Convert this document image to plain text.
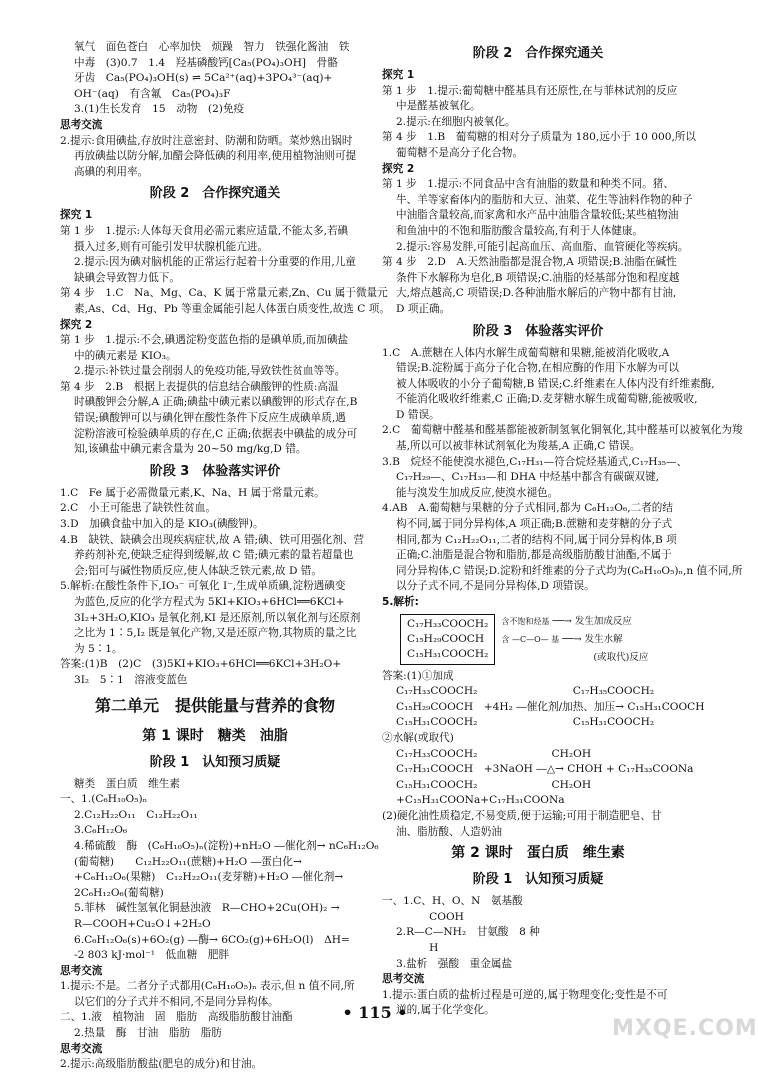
氧气　面色苍白　心率加快　烦躁　智力　铁强化酱油　铁
中毒　(3)0.7　1.4　羟基磷酸钙[Ca₅(PO₄)₃OH]　骨骼
牙齿　Ca₅(PO₄)₃OH(s) ⇌ 5Ca²⁺(aq)+3PO₄³⁻(aq)+
OH⁻(aq)　有含氟　Ca₅(PO₄)₃F
3.(1)生长发育　15　动物　(2)免疫
思考交流
2.提示:食用碘盐,存放时注意密封、防潮和防晒。菜炒熟出锅时
再放碘盐以防分解,加醋会降低碘的利用率,使用植物油则可提
高碘的利用率。
阶段 2　合作探究通关
探究 1
第 1 步　1.提示:人体每天食用必需元素应适量,不能太多,若碘
摄入过多,则有可能引发甲状腺机能亢进。
2.提示:因为碘对脑机能的正常运行起着十分重要的作用,儿童
缺碘会导致智力低下。
第 4 步　1.C　Na、Mg、Ca、K 属于常量元素,Zn、Cu 属于微量元
素,As、Cd、Hg、Pb 等重金属能引起人体蛋白质变性,故选 C 项。
探究 2
第 1 步　1.提示:不会,碘遇淀粉变蓝色指的是碘单质,而加碘盐
中的碘元素是 KIO₃。
2.提示:补铁过量会削弱人的免疫功能,导致铁性贫血等等。
第 4 步　2.B　根据上表提供的信息结合碘酸钾的性质:高温
时碘酸钾会分解,A 正确;碘盐中碘元素以碘酸钾的形式存在,B
错误;碘酸钾可以与碘化钾在酸性条件下反应生成碘单质,遇
淀粉溶液可检验碘单质的存在,C 正确;依据表中碘盐的成分可
知,该碘盐中碘元素含量为 20~50 mg/kg,D 错。
阶段 3　体验落实评价
1.C　Fe 属于必需微量元素,K、Na、H 属于常量元素。
2.C　小王可能患了缺铁性贫血。
3.D　加碘食盐中加入的是 KIO₃(碘酸钾)。
4.B　缺铁、缺碘会出现疾病症状,故 A 错;碘、铁可用强化剂、营
养药剂补充,使缺乏症得到缓解,故 C 错;碘元素的量若超量也
会;铝可与碱性物质反应,使人体缺乏铁元素,故 D 错。
5.解析:在酸性条件下,IO₃⁻ 可氧化 I⁻,生成单质碘,淀粉遇碘变
为蓝色,反应的化学方程式为 5KI+KIO₃+6HCl══6KCl+
3I₂+3H₂O,KIO₃ 是氧化剂,KI 是还原剂,所以氧化剂与还原剂
之比为 1∶5,I₂ 既是氧化产物,又是还原产物,其物质的量之比
为 5∶1。
答案:(1)B　(2)C　(3)5KI+KIO₃+6HCl══6KCl+3H₂O+
3I₂　5∶1　溶液变蓝色
第二单元　提供能量与营养的食物
第 1 课时　糖类　油脂
阶段 1　认知预习质疑
糖类　蛋白质　维生素
一、1.(C₆H₁₀O₅)ₙ
2.C₁₂H₂₂O₁₁　C₁₂H₂₂O₁₁
3.C₆H₁₂O₆
4.稀硫酸　酶　(C₆H₁₀O₅)ₙ(淀粉)+nH₂O ―催化剂→ nC₆H₁₂O₆
(葡萄糖)　　C₁₂H₂₂O₁₁(蔗糖)+H₂O ―蛋白化→
+C₆H₁₂O₆(果糖)　C₁₂H₂₂O₁₁(麦芽糖)+H₂O ―催化剂→
2C₆H₁₂O₆(葡萄糖)
5.菲林　碱性氢氧化铜悬浊液　R—CHO+2Cu(OH)₂ →
R—COOH+Cu₂O↓+2H₂O
6.C₆H₁₂O₆(s)+6O₂(g) ―酶→ 6CO₂(g)+6H₂O(l)　ΔH=
-2 803 kJ·mol⁻¹　低血糖　肥胖
思考交流
1.提示:不是。二者分子式都用(C₆H₁₀O₅)ₙ 表示,但 n 值不同,所
以它们的分子式并不相同,不是同分异构体。
二、1.液　植物油　固　脂肪　高级脂肪酸甘油酯
2.热量　酶　甘油　脂肪　脂肪
思考交流
2.提示:高级脂肪酸盐(肥皂的成分)和甘油。
阶段 2　合作探究通关
探究 1
第 1 步　1.提示:葡萄糖中醛基具有还原性,在与菲林试剂的反应
中是醛基被氧化。
2.提示:在细胞内被氧化。
第 4 步　1.B　葡萄糖的相对分子质量为 180,远小于 10 000,所以
葡萄糖不是高分子化合物。
探究 2
第 1 步　1.提示:不同食品中含有油脂的数量和种类不同。猪、
牛、羊等家畜体内的脂肪和大豆、油菜、花生等油料作物的种子
中油脂含量较高,而家禽和水产品中油脂含量较低;某些植物油
和鱼油中的不饱和脂肪酸含量较高,有利于人体健康。
2.提示:容易发胖,可能引起高血压、高血脂、血管硬化等疾病。
第 4 步　2.D　A.天然油脂都是混合物,A 项错误;B.油脂在碱性
条件下水解称为皂化,B 项错误;C.油脂的烃基部分饱和程度越
大,熔点越高,C 项错误;D.各种油脂水解后的产物中都有甘油,
D 项正确。
阶段 3　体验落实评价
1.C　A.蔗糖在人体内水解生成葡萄糖和果糖,能被消化吸收,A
错误;B.淀粉属于高分子化合物,在相应酶的作用下水解为可以
被人体吸收的小分子葡萄糖,B 错误;C.纤维素在人体内没有纤维素酶,
不能消化吸收纤维素,C 正确;D.麦芽糖水解生成葡萄糖,能被吸收,
D 错误。
2.C　葡萄糖中醛基和醛基都能被新制氢氧化铜氧化,其中醛基可以被氧化为羧
基,所以可以被菲林试剂氧化为羧基,A 正确,C 错误。
3.B　烷烃不能使溴水褪色,C₁₇H₃₁—符合烷烃基通式,C₁₇H₃₅—、
C₁₇H₂₉—、C₁₇H₃₃—和 DHA 中烃基中都含有碳碳双键,
能与溴发生加成反应,使溴水褪色。
4.AB　A.葡萄糖与果糖的分子式相同,都为 C₆H₁₂O₆,二者的结
构不同,属于同分异构体,A 项正确;B.蔗糖和麦芽糖的分子式
相同,都为 C₁₂H₂₂O₁₁,二者的结构不同,属于同分异构体,B 项
正确;C.油脂是混合物和脂肪,都是高级脂肪酸甘油酯,不属于
同分异构体,C 错误;D.淀粉和纤维素的分子式均为(C₆H₁₀O₅)ₙ,n 值不同,所
以分子式不同,不是同分异构体,D 项错误。
5.解析:
C₁₇H₃₃COOCH₂
C₁₅H₂₉COOCH
C₁₅H₃₁COOCH₂
含不饱和烃基 ──→ 发生加成反应
含 —C—O— 基 ──→ 发生水解
(或取代)反应
答案:(1)①加成
C₁₇H₃₃COOCH₂　　　　　　　　　C₁₇H₃₅COOCH₂
C₁₅H₂₉COOCH　+4H₂ ―催化剂/加热、加压→ C₁₅H₃₁COOCH
C₁₅H₃₁COOCH₂　　　　　　　　　C₁₅H₃₁COOCH₂
②水解(或取代)
C₁₇H₃₃COOCH₂　　　　　　　CH₂OH
C₁₇H₃₁COOCH　+3NaOH ―△→ CHOH + C₁₇H₃₃COONa
C₁₅H₃₁COOCH₂　　　　　　　CH₂OH
+C₁₅H₃₁COONa+C₁₇H₃₁COONa
(2)硬化油性质稳定,不易变质,便于运输;可用于制造肥皂、甘
油、脂肪酸、人造奶油
第 2 课时　蛋白质　维生素
阶段 1　认知预习质疑
一、1.C、H、O、N　氨基酸
　　COOH
2.R—C—NH₂　甘氨酸　8 种
　　H
3.盐析　强酸　重金属盐
思考交流
1.提示:蛋白质的盐析过程是可逆的,属于物理变化;变性是不可
逆的,属于化学变化。
• 115 •
MXQE.COM
